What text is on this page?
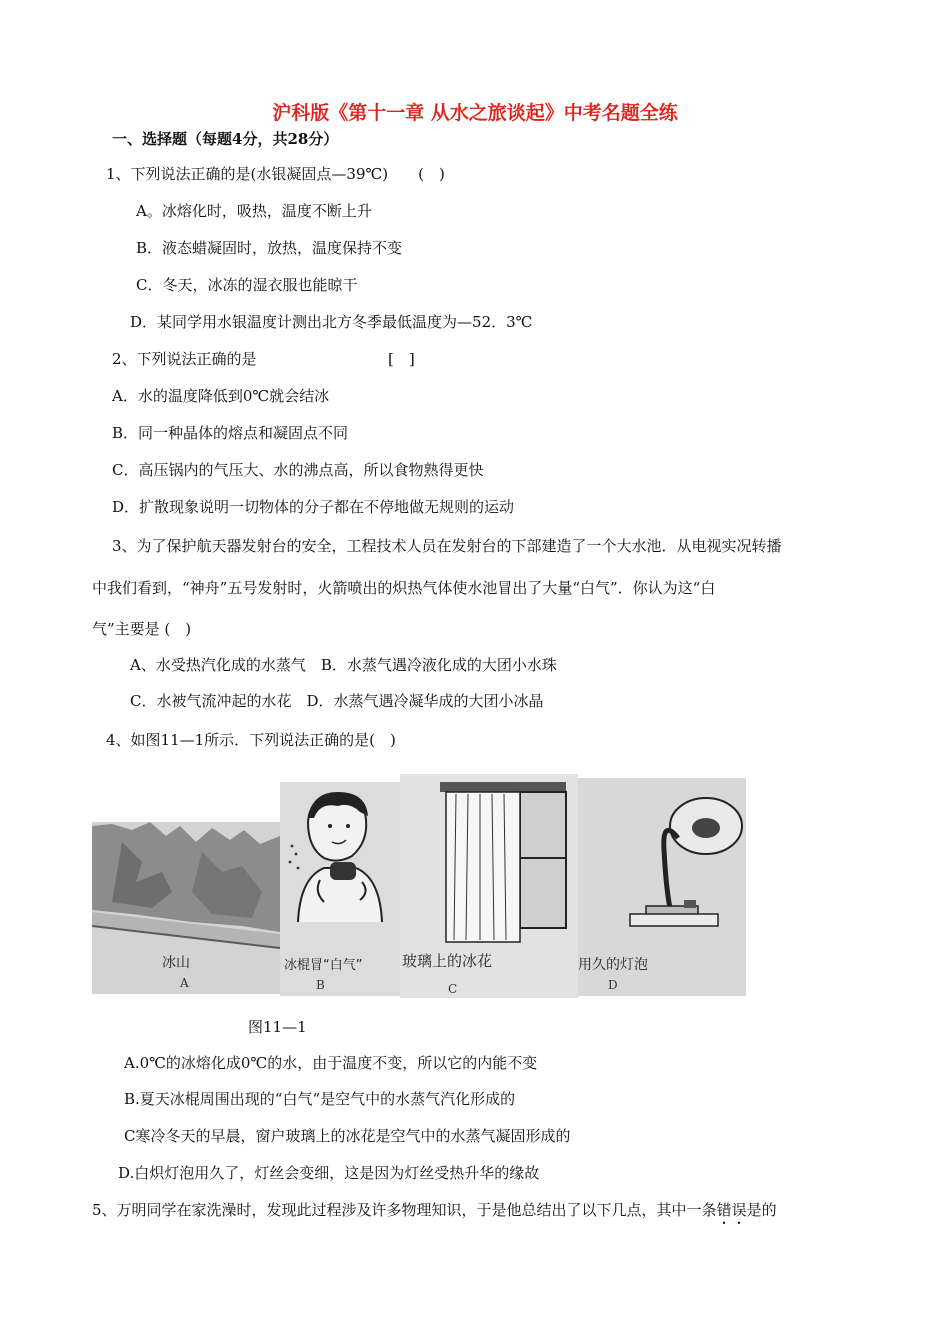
沪科版《第十一章 从水之旅谈起》中考名题全练
一、选择题（每题4分，共28分）
1、下列说法正确的是(水银凝固点—39℃)　　(　)
A。冰熔化时，吸热，温度不断上升
B．液态蜡凝固时，放热，温度保持不变
C．冬天，冰冻的湿衣服也能晾干
D．某同学用水银温度计测出北方冬季最低温度为—52．3℃
2、下列说法正确的是	[　]
A．水的温度降低到0℃就会结冰
B．同一种晶体的熔点和凝固点不同
C．高压锅内的气压大、水的沸点高，所以食物熟得更快
D．扩散现象说明一切物体的分子都在不停地做无规则的运动
3、为了保护航天器发射台的安全，工程技术人员在发射台的下部建造了一个大水池．从电视实况转播
中我们看到，“神舟”五号发射时，火箭喷出的炽热气体使水池冒出了大量“白气”．你认为这“白
气”主要是 (　)
A、水受热汽化成的水蒸气　B．水蒸气遇冷液化成的大团小水珠
C．水被气流冲起的水花　D．水蒸气遇冷凝华成的大团小冰晶
4、如图11—1所示．下列说法正确的是(　)
冰山
A
冰棍冒“白气”
B
玻璃上的冰花
C
用久的灯泡
D
图11—1
A.0℃的冰熔化成0℃的水，由于温度不变，所以它的内能不变
B.夏天冰棍周围出现的“白气“是空气中的水蒸气汽化形成的
C寒冷冬天的早晨，窗户玻璃上的冰花是空气中的水蒸气凝固形成的
D.白炽灯泡用久了，灯丝会变细，这是因为灯丝受热升华的缘故
5、万明同学在家洗澡时，发现此过程涉及许多物理知识，于是他总结出了以下几点，其中一条错误是的
